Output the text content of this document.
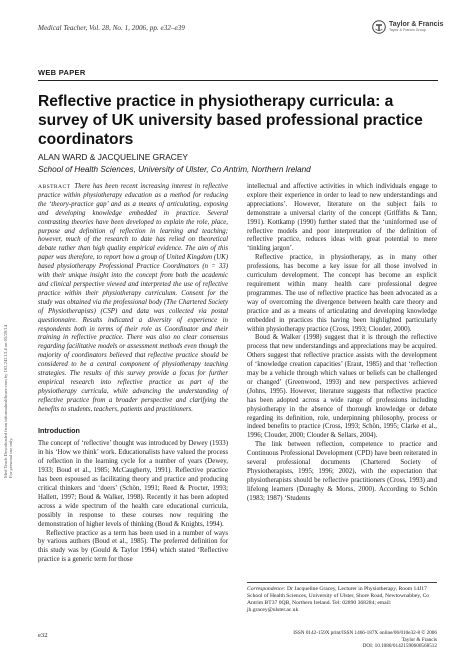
Medical Teacher, Vol. 28, No. 1, 2006, pp. e32–e39	Taylor & Francis
Taylor & Francis Group
WEB PAPER
Reflective practice in physiotherapy curricula: a survey of UK university based professional practice coordinators
ALAN WARD & JACQUELINE GRACEY
School of Health Sciences, University of Ulster, Co Antrim, Northern Ireland
Med Teach Downloaded from informahealthcare.com by 103.242.13.4 on 05/20/14 For personal use only.

ABSTRACT There has been recent increasing interest in reflective practice within physiotherapy education as a method for reducing the ‘theory-practice gap’ and as a means of articulating, exposing and developing knowledge embedded in practice. Several contrasting theories have been developed to explain the role, place, purpose and definition of reflection in learning and teaching; however, much of the research to date has relied on theoretical debate rather than high quality empirical evidence. The aim of this paper was therefore, to report how a group of United Kingdom (UK) based physiotherapy Professional Practice Coordinators (n = 33) with their unique insight into the concept from both the academic and clinical perspective viewed and interpreted the use of reflective practice within their physiotherapy curriculum. Consent for the study was obtained via the professional body (The Chartered Society of Physiotherapists) (CSP) and data was collected via postal questionnaire. Results indicated a diversity of experience in respondents both in terms of their role as Coordinator and their training in reflective practice. There was also no clear consensus regarding facilitative models or assessment methods even though the majority of coordinators believed that reflective practice should be considered to be a central component of physiotherapy teaching strategies. The results of this survey provide a focus for further empirical research into reflective practice as part of the physiotherapy curricula, while advancing the understanding of reflective practice from a broader perspective and clarifying the benefits to students, teachers, patients and practitioners.

Introduction

The concept of ‘reflective’ thought was introduced by Dewey (1933) in his ‘How we think’ work. Educationalists have valued the process of reflection in the learning cycle for a number of years (Dewey, 1933; Boud et al., 1985; McCaugherty, 1991). Reflective practice has been espoused as facilitating theory and practice and producing critical thinkers and ‘doers’ (Schön, 1991; Reed & Procter, 1993; Hallett, 1997; Boud & Walker, 1998). Recently it has been adopted across a wide spectrum of the health care educational curricula, possibly in response to these courses now requiring the demonstration of higher levels of thinking (Boud & Knights, 1994).

Reflective practice as a term has been used in a number of ways by various authors (Boud et al., 1985). The preferred definition for this study was by (Gould & Taylor 1994) which stated ‘Reflective practice is a generic term for those

intellectual and affective activities in which individuals engage to explore their experience in order to lead to new understandings and appreciations’. However, literature on the subject fails to demonstrate a universal clarity of the concept (Griffiths & Tann, 1991). Kottkamp (1990) further stated that the ‘uninformed use of reflective models and poor interpretation of the definition of reflective practice, reduces ideas with great potential to mere ‘tinkling jargon’.

Reflective practice, in physiotherapy, as in many other professions, has become a key issue for all those involved in curriculum development. The concept has become an explicit requirement within many health care professional degree programmes. The use of reflective practice has been advocated as a way of overcoming the divergence between health care theory and practice and as a means of articulating and developing knowledge embedded in practices this having been highlighted particularly within physiotherapy practice (Cross, 1993; Clouder, 2000).

Boud & Walker (1998) suggest that it is through the reflective process that new understandings and appreciations may be acquired. Others suggest that reflective practice assists with the development of ‘knowledge creation capacities’ (Eraut, 1985) and that ‘reflection may be a vehicle through which values or beliefs can be challenged or changed’ (Greenwood, 1993) and new perspectives achieved (Johns, 1995). However, literature suggests that reflective practice has been adopted across a wide range of professions including physiotherapy in the absence of thorough knowledge or debate regarding its definition, role, underpinning philosophy, process or indeed benefits to practice (Cross, 1993; Schön, 1995; Clarke et al., 1996; Clouder, 2000; Clouder & Sellars, 2004).

The link between reflection, competence to practice and Continuous Professional Development (CPD) have been reiterated in several professional documents (Chartered Society of Physiotherapists, 1995; 1996; 2002), with the expectation that physiotherapists should be reflective practitioners (Cross, 1993) and lifelong learners (Donaghy & Morss, 2000). According to Schön (1983; 1987) ‘Students

Correspondence: Dr Jacqueline Gracey, Lecturer in Physiotherapy, Room 14J17 School of Health Sciences, University of Ulster, Shore Road, Newtownabbey, Co Antrim BT37 0QB, Northern Ireland. Tel: 02890 368284; email: jh.gracey@ulster.ac.uk
e32	ISSN 0142-159X print/ISSN 1466-187X online/06/010e32-8 © 2006 Taylor & Francis
DOI: 10.1080/01421590600568512
